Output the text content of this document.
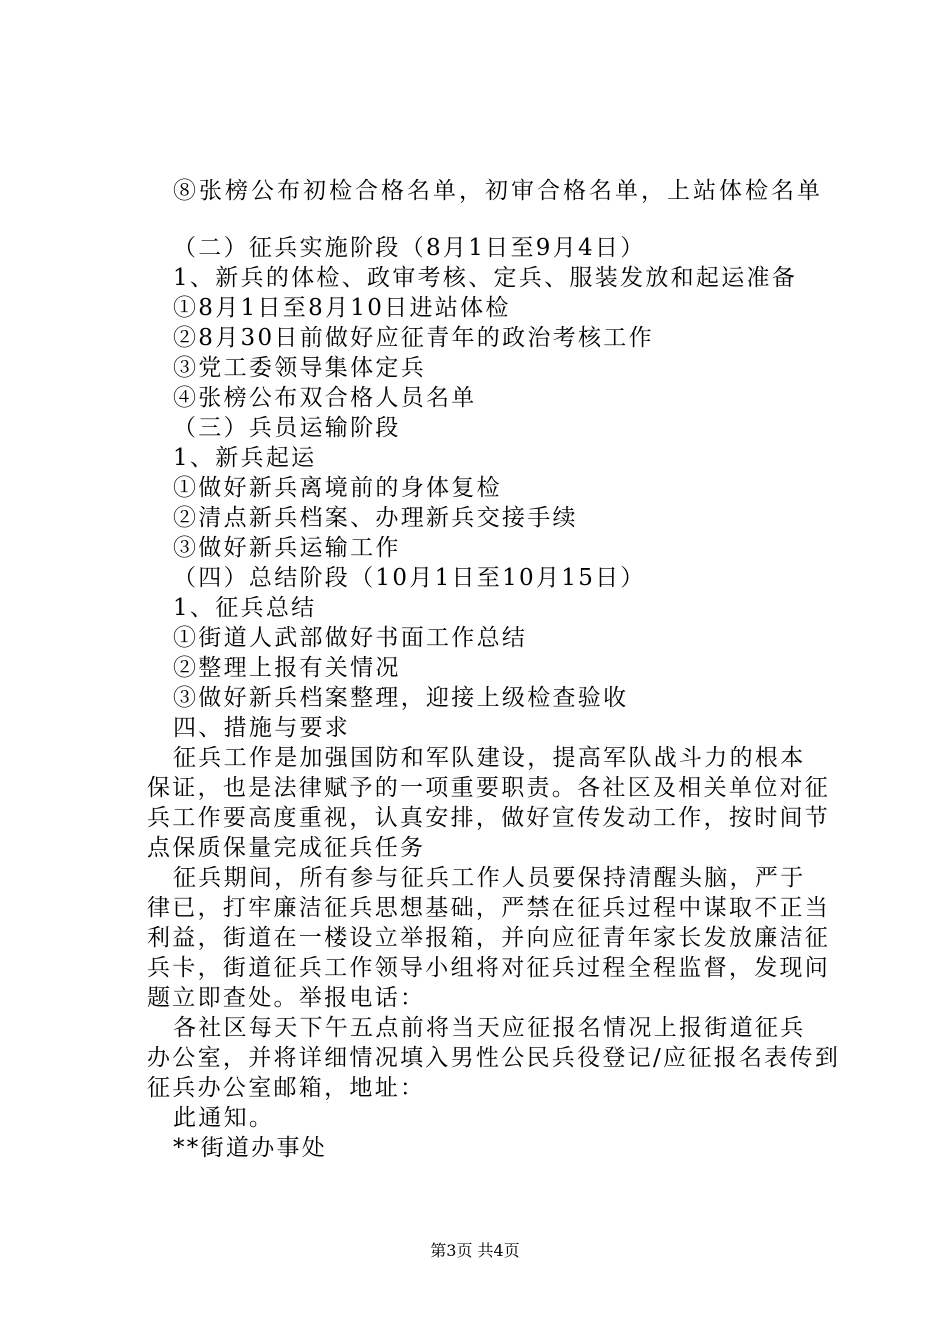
⑧张榜公布初检合格名单，初审合格名单，上站体检名单
（二）征兵实施阶段（8月1日至9月4日）
1、新兵的体检、政审考核、定兵、服装发放和起运准备
①8月1日至8月10日进站体检
②8月30日前做好应征青年的政治考核工作
③党工委领导集体定兵
④张榜公布双合格人员名单
（三）兵员运输阶段
1、新兵起运
①做好新兵离境前的身体复检
②清点新兵档案、办理新兵交接手续
③做好新兵运输工作
（四）总结阶段（10月1日至10月15日）
1、征兵总结
①街道人武部做好书面工作总结
②整理上报有关情况
③做好新兵档案整理，迎接上级检查验收
四、措施与要求
征兵工作是加强国防和军队建设，提高军队战斗力的根本
保证，也是法律赋予的一项重要职责。各社区及相关单位对征
兵工作要高度重视，认真安排，做好宣传发动工作，按时间节
点保质保量完成征兵任务
征兵期间，所有参与征兵工作人员要保持清醒头脑，严于
律已，打牢廉洁征兵思想基础，严禁在征兵过程中谋取不正当
利益，街道在一楼设立举报箱，并向应征青年家长发放廉洁征
兵卡，街道征兵工作领导小组将对征兵过程全程监督，发现问
题立即查处。举报电话：
各社区每天下午五点前将当天应征报名情况上报街道征兵
办公室，并将详细情况填入男性公民兵役登记/应征报名表传到
征兵办公室邮箱，地址：
此通知。
**街道办事处
第3页 共4页
